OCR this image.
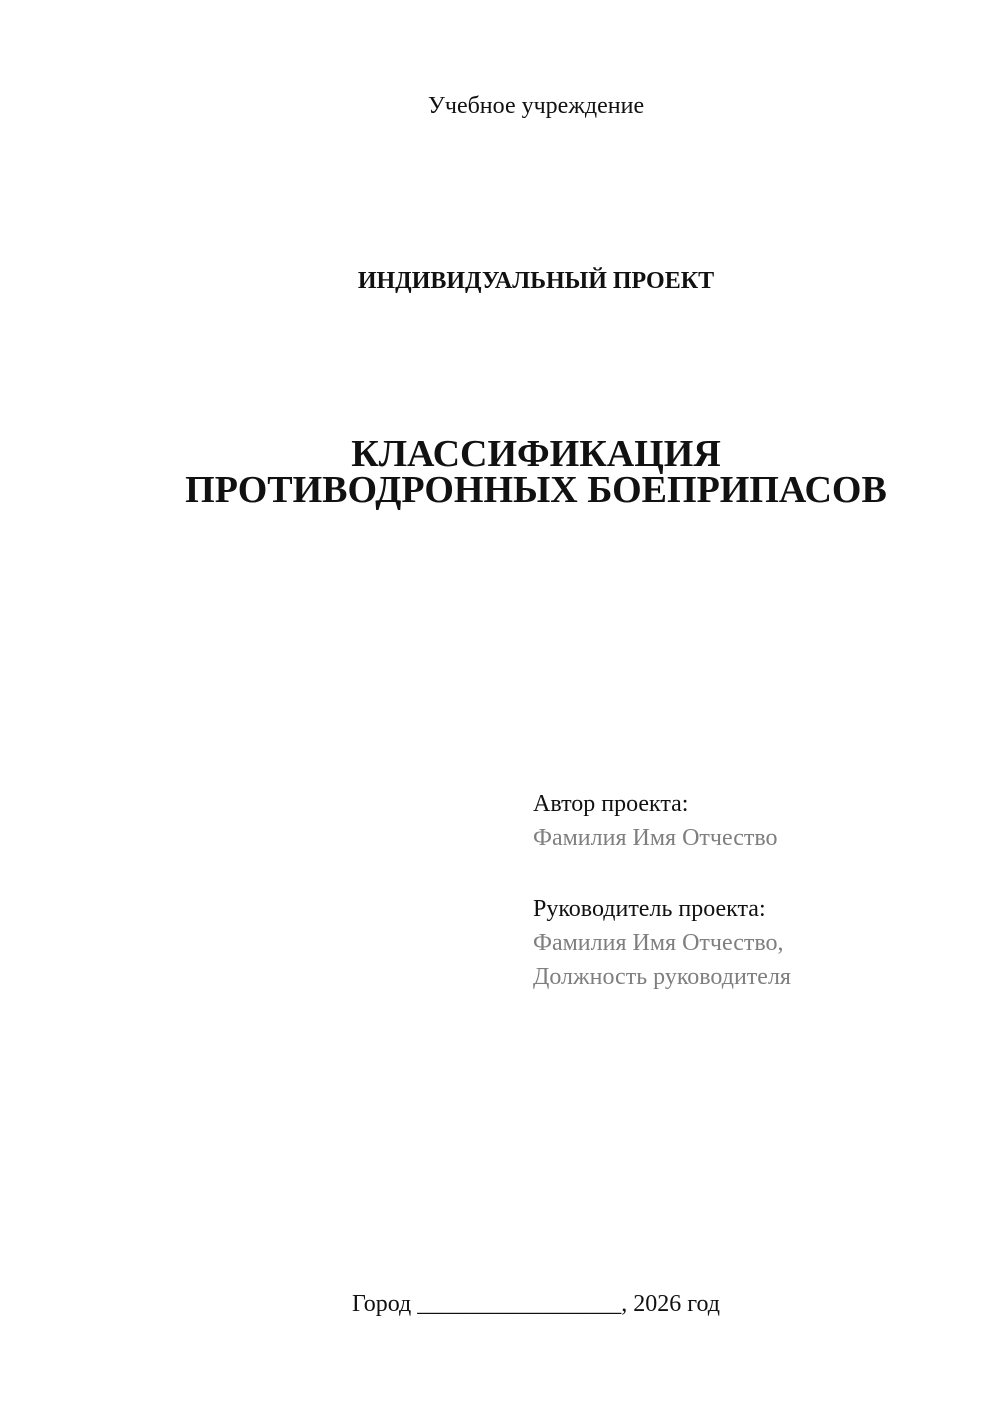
Учебное учреждение
ИНДИВИДУАЛЬНЫЙ ПРОЕКТ
КЛАССИФИКАЦИЯ
ПРОТИВОДРОННЫХ БОЕПРИПАСОВ
Автор проекта:
Фамилия Имя Отчество
Руководитель проекта:
Фамилия Имя Отчество,
Должность руководителя
Город _________________, 2026 год
